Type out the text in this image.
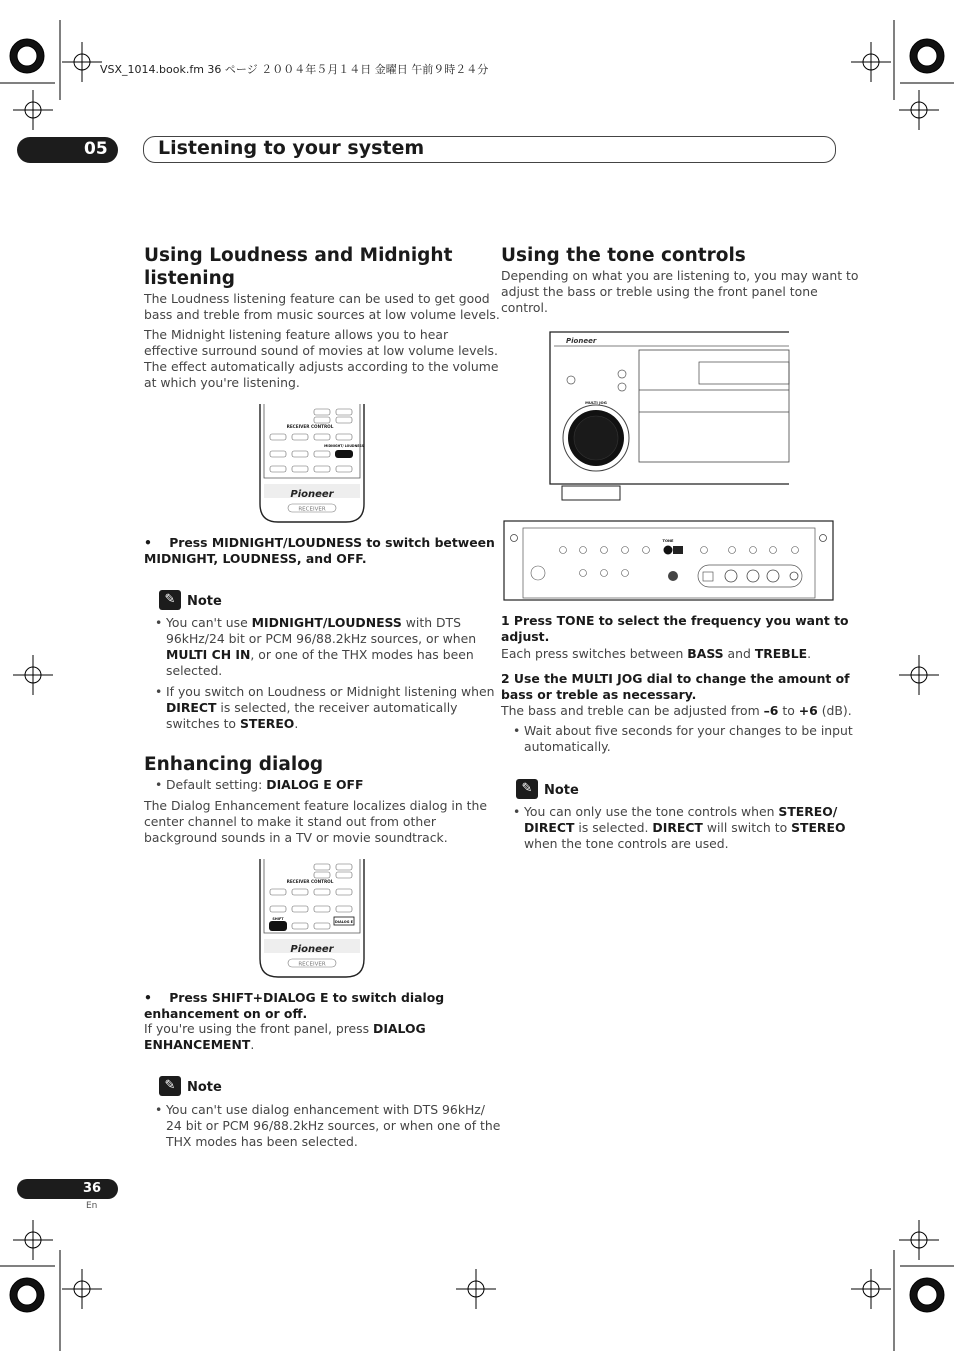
VSX_1014.book.fm 36 ページ ２００４年５月１４日 金曜日 午前９時２４分
05	Listening to your system
Using Loudness and Midnight
listening
The Loudness listening feature can be used to get good
bass and treble from music sources at low volume levels.
The Midnight listening feature allows you to hear
effective surround sound of movies at low volume levels.
The effect automatically adjusts according to the volume
at which you're listening.
RECEIVER CONTROL
MIDNIGHT/ LOUDNESS
Pioneer
RECEIVER
•    Press MIDNIGHT/LOUDNESS to switch between
MIDNIGHT, LOUDNESS, and OFF.
✎ Note
• You can't use MIDNIGHT/LOUDNESS with DTS
96kHz/24 bit or PCM 96/88.2kHz sources, or when
MULTI CH IN, or one of the THX modes has been
selected.
• If you switch on Loudness or Midnight listening when
DIRECT is selected, the receiver automatically
switches to STEREO.
Enhancing dialog
• Default setting: DIALOG E OFF
The Dialog Enhancement feature localizes dialog in the
center channel to make it stand out from other
background sounds in a TV or movie soundtrack.
RECEIVER CONTROL
SHIFT
DIALOG E
Pioneer
RECEIVER
•    Press SHIFT+DIALOG E to switch dialog
enhancement on or off.
If you're using the front panel, press DIALOG
ENHANCEMENT.
✎ Note
• You can't use dialog enhancement with DTS 96kHz/
24 bit or PCM 96/88.2kHz sources, or when one of the
THX modes has been selected.
Using the tone controls
Depending on what you are listening to, you may want to
adjust the bass or treble using the front panel tone
control.
Pioneer
MULTI JOG
TONE
1 Press TONE to select the frequency you want to
adjust.
Each press switches between BASS and TREBLE.
2 Use the MULTI JOG dial to change the amount of
bass or treble as necessary.
The bass and treble can be adjusted from –6 to +6 (dB).
• Wait about five seconds for your changes to be input
automatically.
✎ Note
• You can only use the tone controls when STEREO/
DIRECT is selected. DIRECT will switch to STEREO
when the tone controls are used.
36
En
